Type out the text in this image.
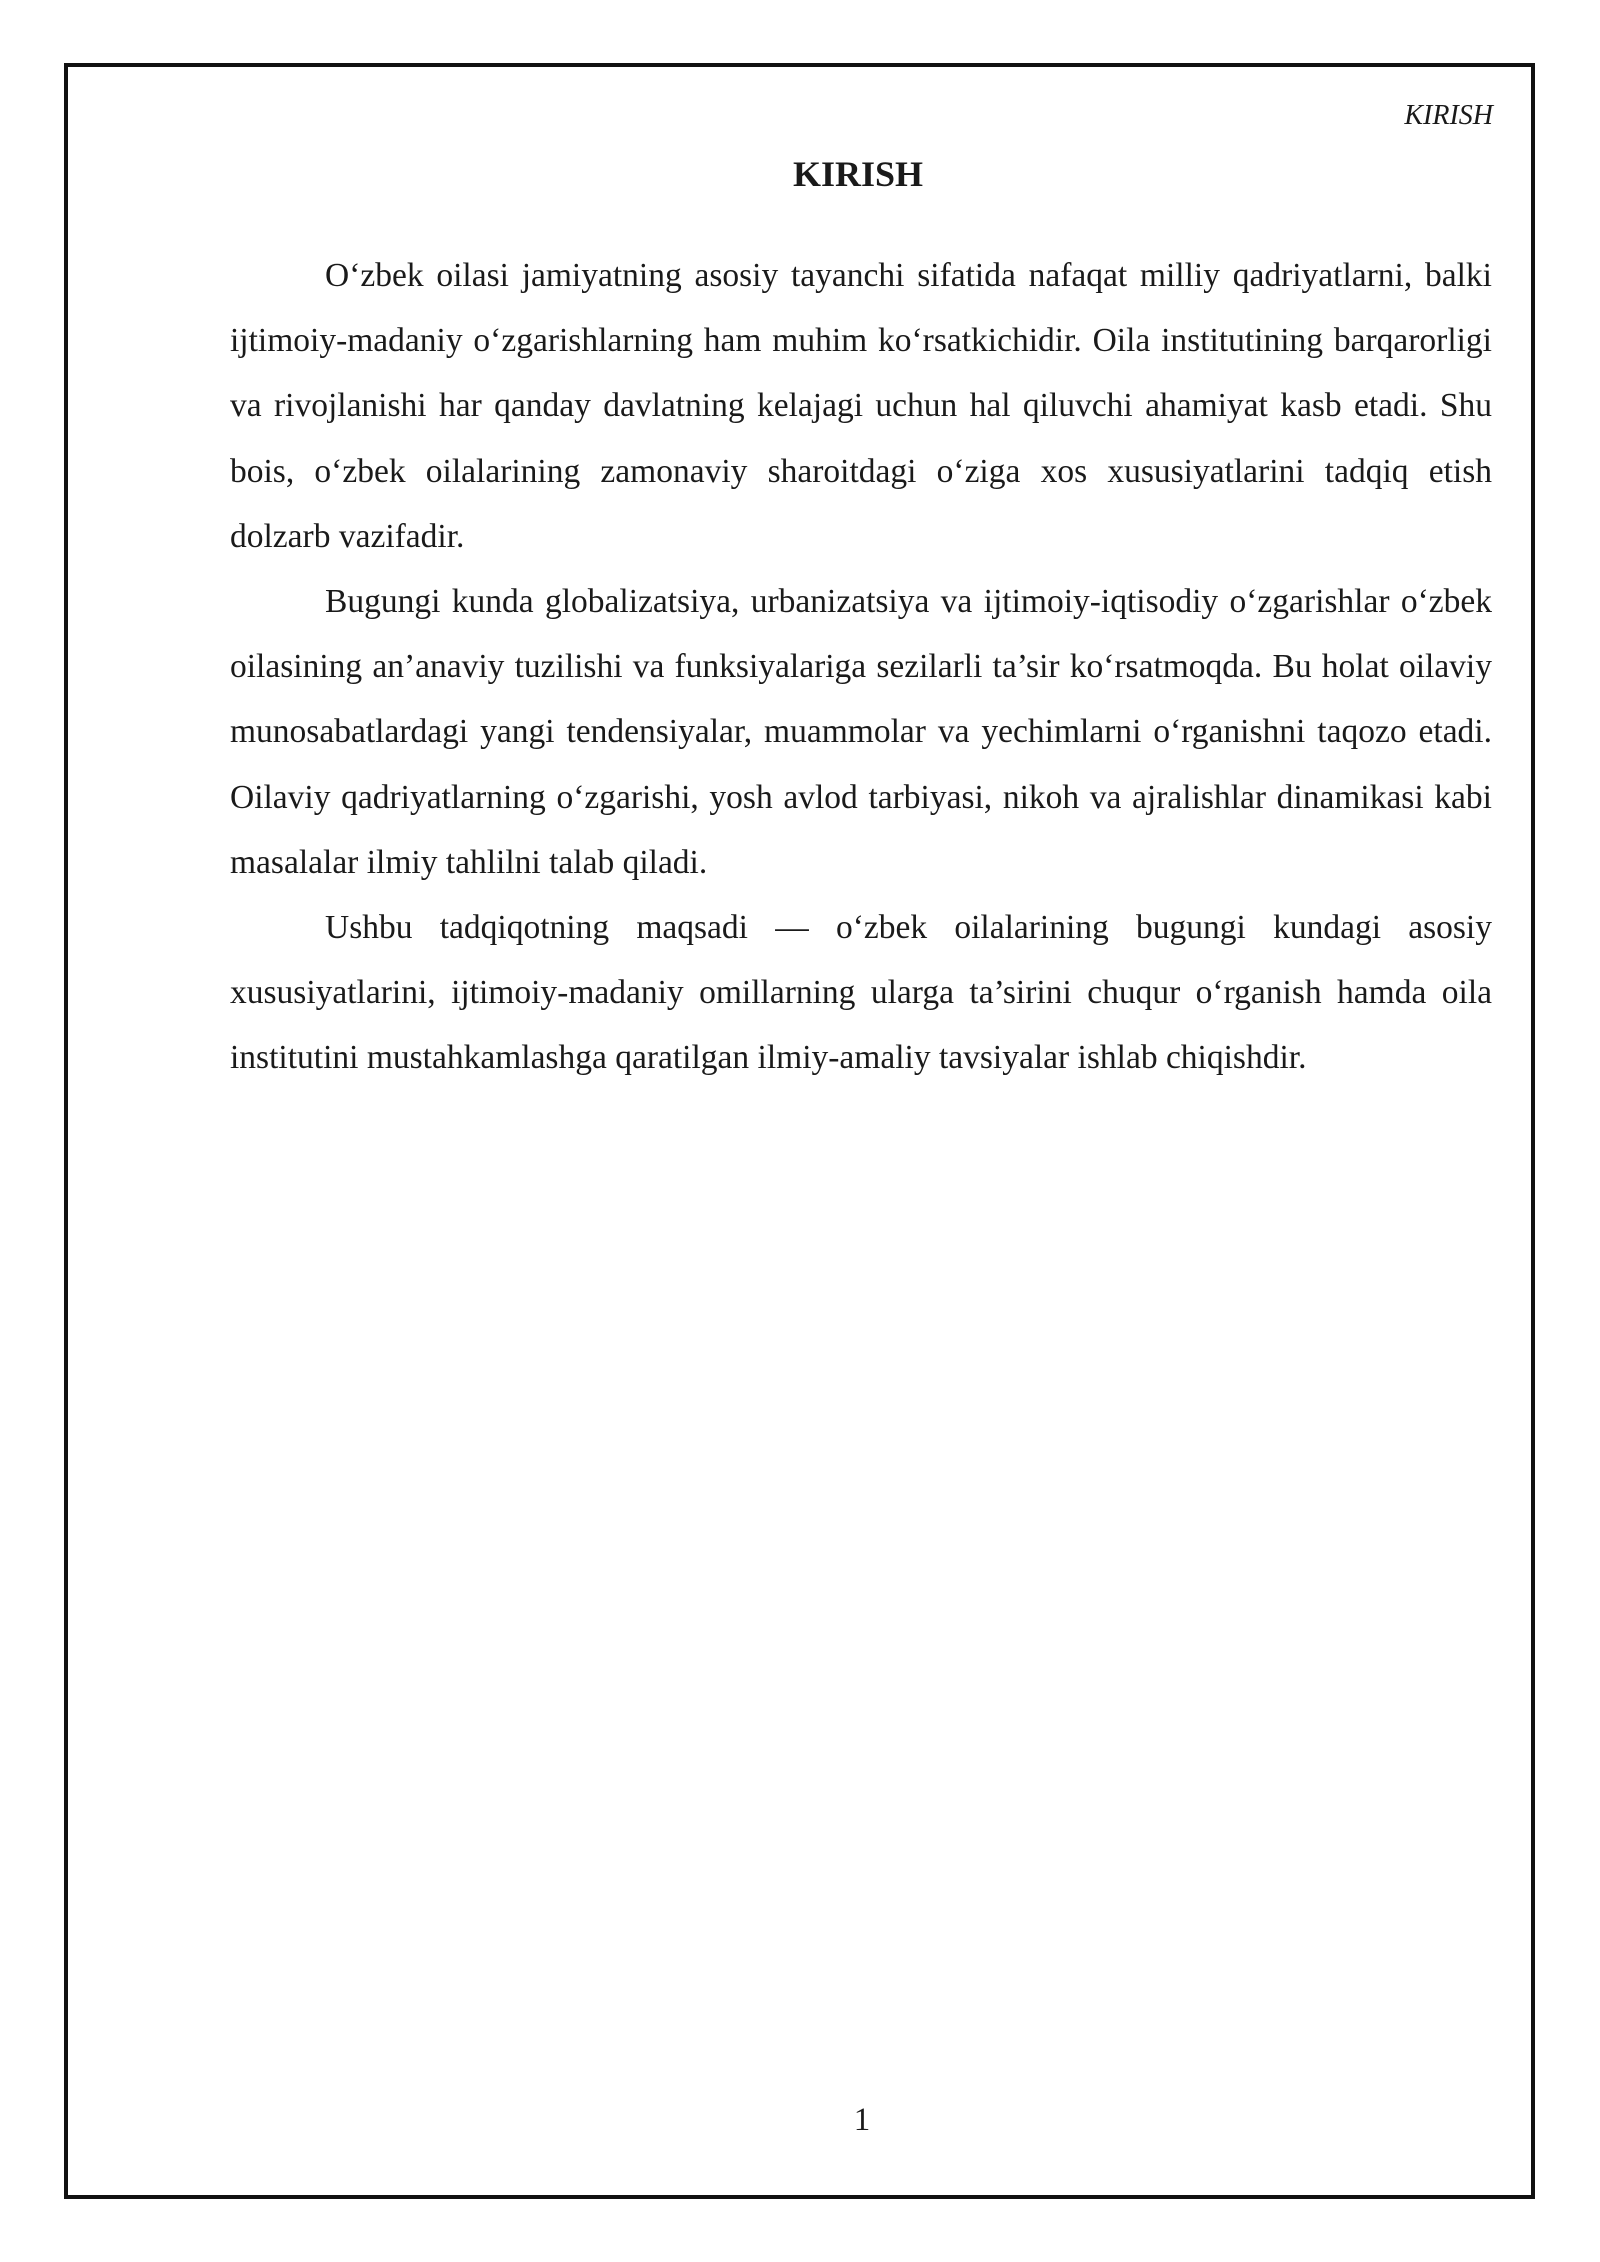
KIRISH

KIRISH

O‘zbek oilasi jamiyatning asosiy tayanchi sifatida nafaqat milliy qadriyatlarni, balki ijtimoiy-madaniy o‘zgarishlarning ham muhim ko‘rsatkichidir. Oila institutining barqarorligi va rivojlanishi har qanday davlatning kelajagi uchun hal qiluvchi ahamiyat kasb etadi. Shu bois, o‘zbek oilalarining zamonaviy sharoitdagi o‘ziga xos xususiyatlarini tadqiq etish dolzarb vazifadir.

Bugungi kunda globalizatsiya, urbanizatsiya va ijtimoiy-iqtisodiy o‘zgarishlar o‘zbek oilasining an’anaviy tuzilishi va funksiyalariga sezilarli ta’sir ko‘rsatmoqda. Bu holat oilaviy munosabatlardagi yangi tendensiyalar, muammolar va yechimlarni o‘rganishni taqozo etadi. Oilaviy qadriyatlarning o‘zgarishi, yosh avlod tarbiyasi, nikoh va ajralishlar dinamikasi kabi masalalar ilmiy tahlilni talab qiladi.

Ushbu tadqiqotning maqsadi — o‘zbek oilalarining bugungi kundagi asosiy xususiyatlarini, ijtimoiy-madaniy omillarning ularga ta’sirini chuqur o‘rganish hamda oila institutini mustahkamlashga qaratilgan ilmiy-amaliy tavsiyalar ishlab chiqishdir.

1
